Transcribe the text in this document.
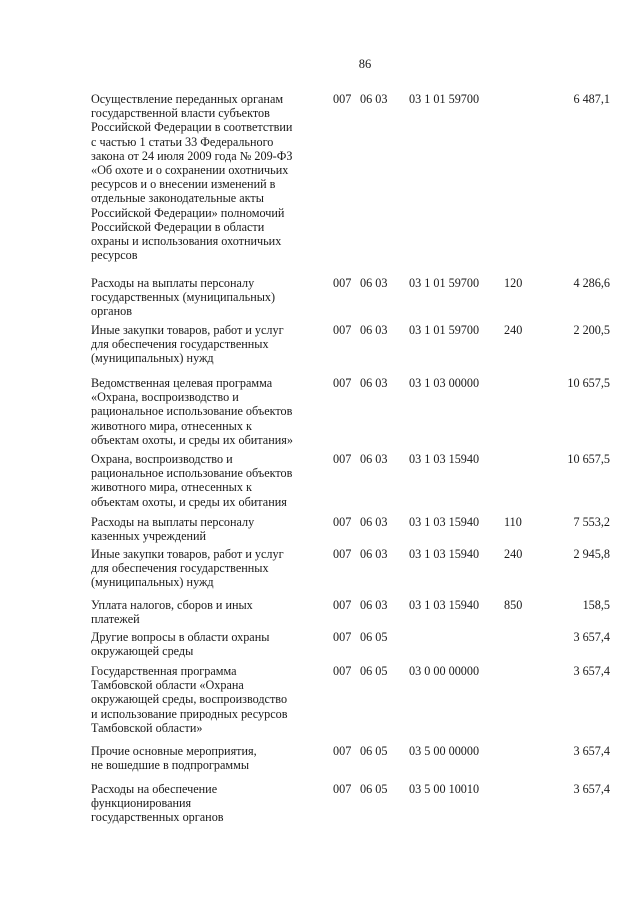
86
Осуществление переданных органам
государственной власти субъектов
Российской Федерации в соответствии
с частью 1 статьи 33 Федерального
закона от 24 июля 2009 года № 209-ФЗ
«Об охоте и о сохранении охотничьих
ресурсов и о внесении изменений в
отдельные законодательные акты
Российской Федерации» полномочий
Российской Федерации в области
охраны и использования охотничьих
ресурсов
007 06 03 03 1 01 59700	6 487,1
Расходы на выплаты персоналу
государственных (муниципальных)
органов
007 06 03 03 1 01 59700 120	4 286,6
Иные закупки товаров, работ и услуг
для обеспечения государственных
(муниципальных) нужд
007 06 03 03 1 01 59700 240	2 200,5
Ведомственная целевая программа
«Охрана, воспроизводство и
рациональное использование объектов
животного мира, отнесенных к
объектам охоты, и среды их обитания»
007 06 03 03 1 03 00000	10 657,5
Охрана, воспроизводство и
рациональное использование объектов
животного мира, отнесенных к
объектам охоты, и среды их обитания
007 06 03 03 1 03 15940	10 657,5
Расходы на выплаты персоналу
казенных учреждений
007 06 03 03 1 03 15940 110	7 553,2
Иные закупки товаров, работ и услуг
для обеспечения государственных
(муниципальных) нужд
007 06 03 03 1 03 15940 240	2 945,8
Уплата налогов, сборов и иных
платежей
007 06 03 03 1 03 15940 850	158,5
Другие вопросы в области охраны
окружающей среды
007 06 05	3 657,4
Государственная программа
Тамбовской области «Охрана
окружающей среды, воспроизводство
и использование природных ресурсов
Тамбовской области»
007 06 05 03 0 00 00000	3 657,4
Прочие основные мероприятия,
не вошедшие в подпрограммы
007 06 05 03 5 00 00000	3 657,4
Расходы на обеспечение
функционирования
государственных органов
007 06 05 03 5 00 10010	3 657,4
